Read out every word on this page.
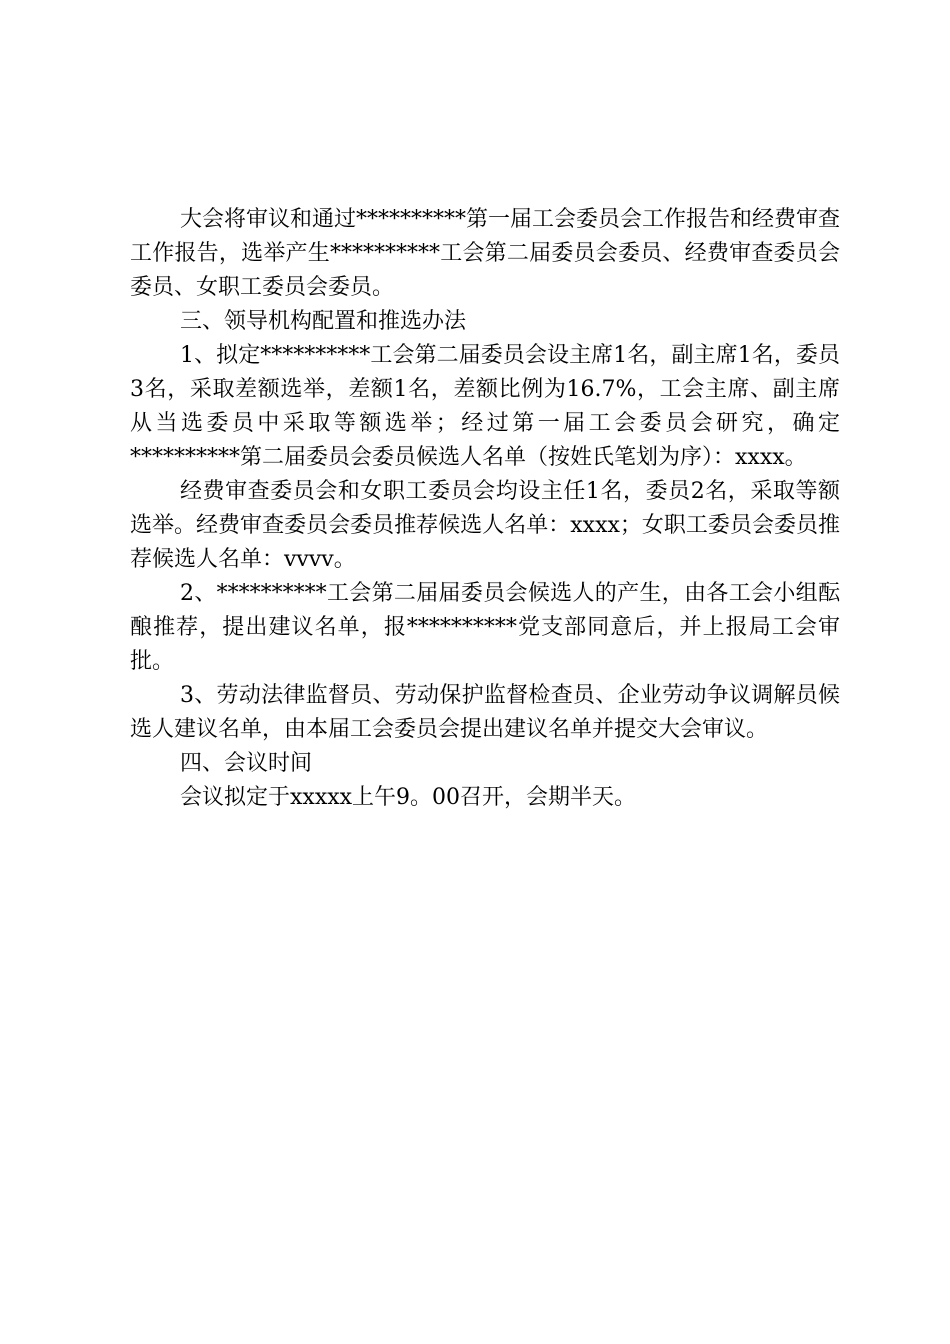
大会将审议和通过**********第一届工会委员会工作报告和经费审查工作报告，选举产生**********工会第二届委员会委员、经费审查委员会委员、女职工委员会委员。

三、领导机构配置和推选办法

1、拟定**********工会第二届委员会设主席1名，副主席1名，委员3名，采取差额选举，差额1名，差额比例为16.7%，工会主席、副主席从当选委员中采取等额选举；经过第一届工会委员会研究，确定**********第二届委员会委员候选人名单（按姓氏笔划为序）：xxxx。

经费审查委员会和女职工委员会均设主任1名，委员2名，采取等额选举。经费审查委员会委员推荐候选人名单：xxxx；女职工委员会委员推荐候选人名单：vvvv。

2、**********工会第二届届委员会候选人的产生，由各工会小组酝酿推荐，提出建议名单，报**********党支部同意后，并上报局工会审批。

3、劳动法律监督员、劳动保护监督检查员、企业劳动争议调解员候选人建议名单，由本届工会委员会提出建议名单并提交大会审议。

四、会议时间

会议拟定于xxxxx上午9。00召开，会期半天。
